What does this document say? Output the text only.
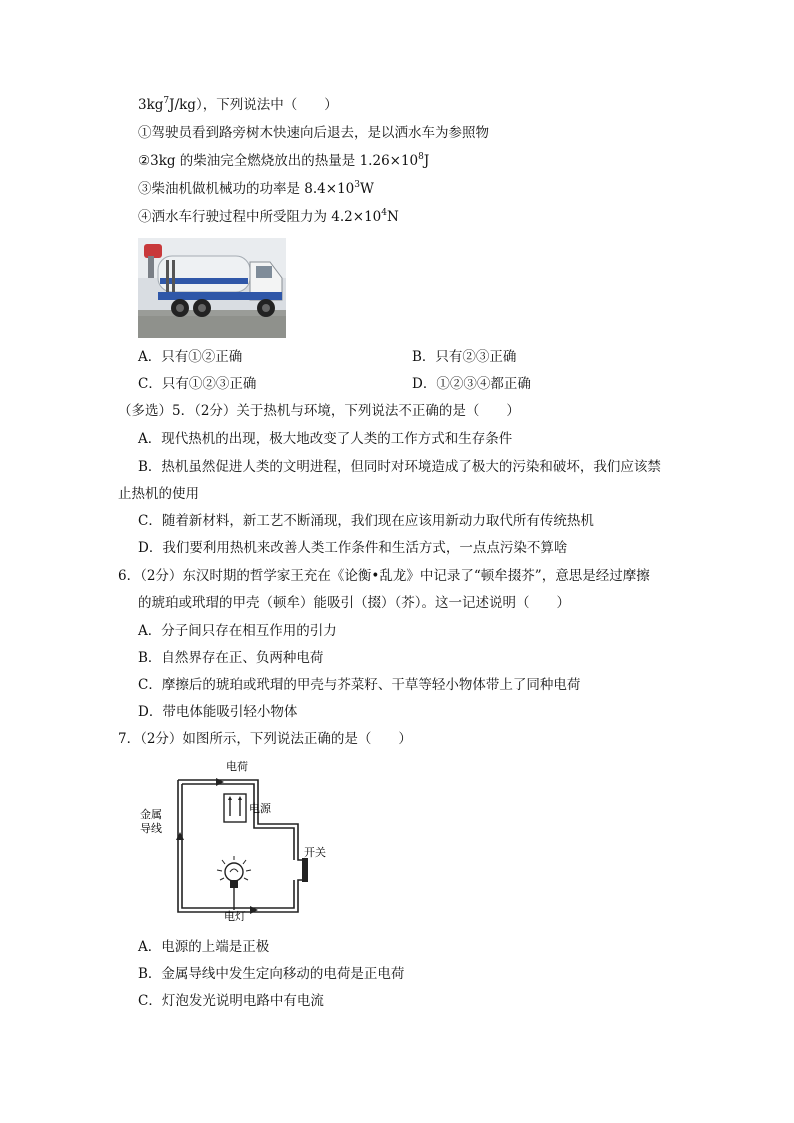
$3kg^7J/kg$），下列说法中（　　）
①驾驶员看到路旁树木快速向后退去，是以洒水车为参照物
②3kg 的柴油完全燃烧放出的热量是 $1.26\times 10^8J$
③柴油机做机械功的功率是 $8.4\times 10^3W$
④洒水车行驶过程中所受阻力为 $4.2\times 10^4N$
A．只有①②正确	B．只有②③正确
C．只有①②③正确	D．①②③④都正确
（多选）5．（2分）关于热机与环境，下列说法不正确的是（　　）
A．现代热机的出现，极大地改变了人类的工作方式和生存条件
B．热机虽然促进人类的文明进程，但同时对环境造成了极大的污染和破坏，我们应该禁
止热机的使用
C．随着新材料，新工艺不断涌现，我们现在应该用新动力取代所有传统热机
D．我们要利用热机来改善人类工作条件和生活方式，一点点污染不算啥
6．（2分）东汉时期的哲学家王充在《论衡•乱龙》中记录了“顿牟掇芥”，意思是经过摩擦
的琥珀或玳瑁的甲壳（顿牟）能吸引（掇）（芥）。这一记述说明（　　）
A．分子间只存在相互作用的引力
B．自然界存在正、负两种电荷
C．摩擦后的琥珀或玳瑁的甲壳与芥菜籽、干草等轻小物体带上了同种电荷
D．带电体能吸引轻小物体
7．（2分）如图所示，下列说法正确的是（　　）
电荷
电源
金属
导线
开关
电灯
A．电源的上端是正极
B．金属导线中发生定向移动的电荷是正电荷
C．灯泡发光说明电路中有电流
